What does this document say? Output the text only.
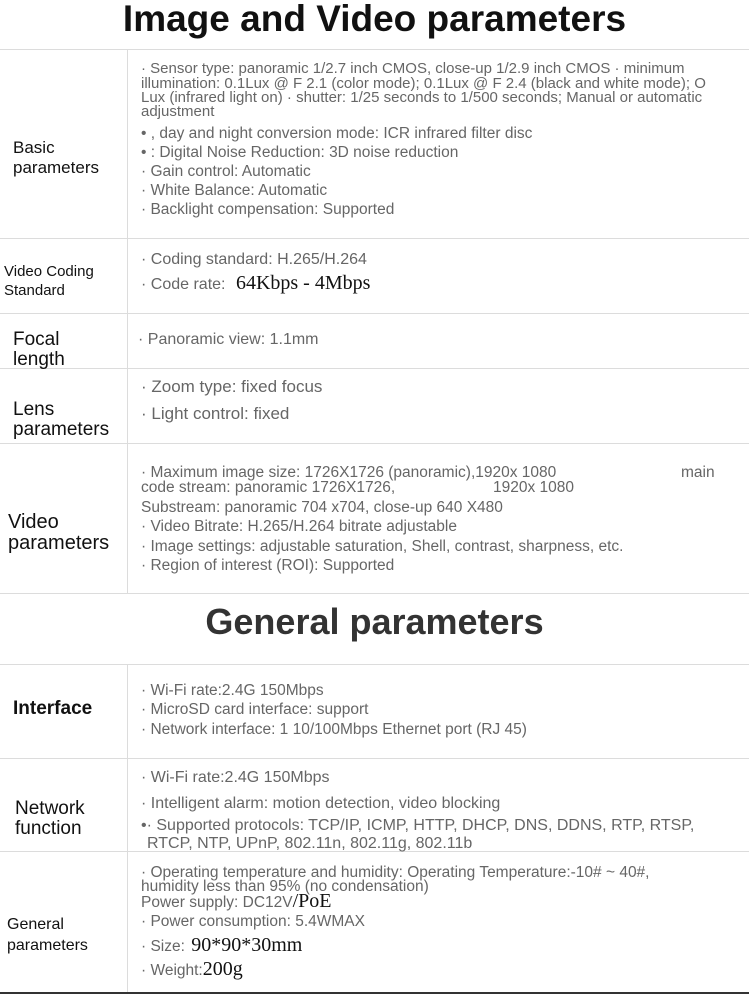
Image and Video parameters
General parameters
Basic
parameters
· Sensor type: panoramic 1/2.7 inch CMOS, close-up 1/2.9 inch CMOS · minimum
illumination: 0.1Lux @ F 2.1 (color mode); 0.1Lux @ F 2.4 (black and white mode); O
Lux (infrared light on) · shutter: 1/25 seconds to 1/500 seconds; Manual or automatic
adjustment
• , day and night conversion mode: ICR infrared filter disc
• : Digital Noise Reduction: 3D noise reduction
· Gain control: Automatic
· White Balance: Automatic
· Backlight compensation: Supported
Video Coding
Standard
· Coding standard: H.265/H.264
· Code rate: 64Kbps - 4Mbps
Focal
length
· Panoramic view: 1.1mm
Lens
parameters
· Zoom type: fixed focus
· Light control: fixed
Video
parameters
· Maximum image size: 1726X1726 (panoramic),1920x 1080	main
code stream: panoramic 1726X1726,	1920x 1080
Substream: panoramic 704 x704, close-up 640 X480
· Video Bitrate: H.265/H.264 bitrate adjustable
· Image settings: adjustable saturation, Shell, contrast, sharpness, etc.
· Region of interest (ROI): Supported
Interface
· Wi-Fi rate:2.4G 150Mbps
· MicroSD card interface: support
· Network interface: 1 10/100Mbps Ethernet port (RJ 45)
Network
function
· Wi-Fi rate:2.4G 150Mbps
· Intelligent alarm: motion detection, video blocking
•· Supported protocols: TCP/IP, ICMP, HTTP, DHCP, DNS, DDNS, RTP, RTSP,
RTCP, NTP, UPnP, 802.11n, 802.11g, 802.11b
General
parameters
· Operating temperature and humidity: Operating Temperature:-10# ~ 40#,
humidity less than 95% (no condensation)
Power supply: DC12V/PoE
· Power consumption: 5.4WMAX
· Size: 90*90*30mm
· Weight:200g
